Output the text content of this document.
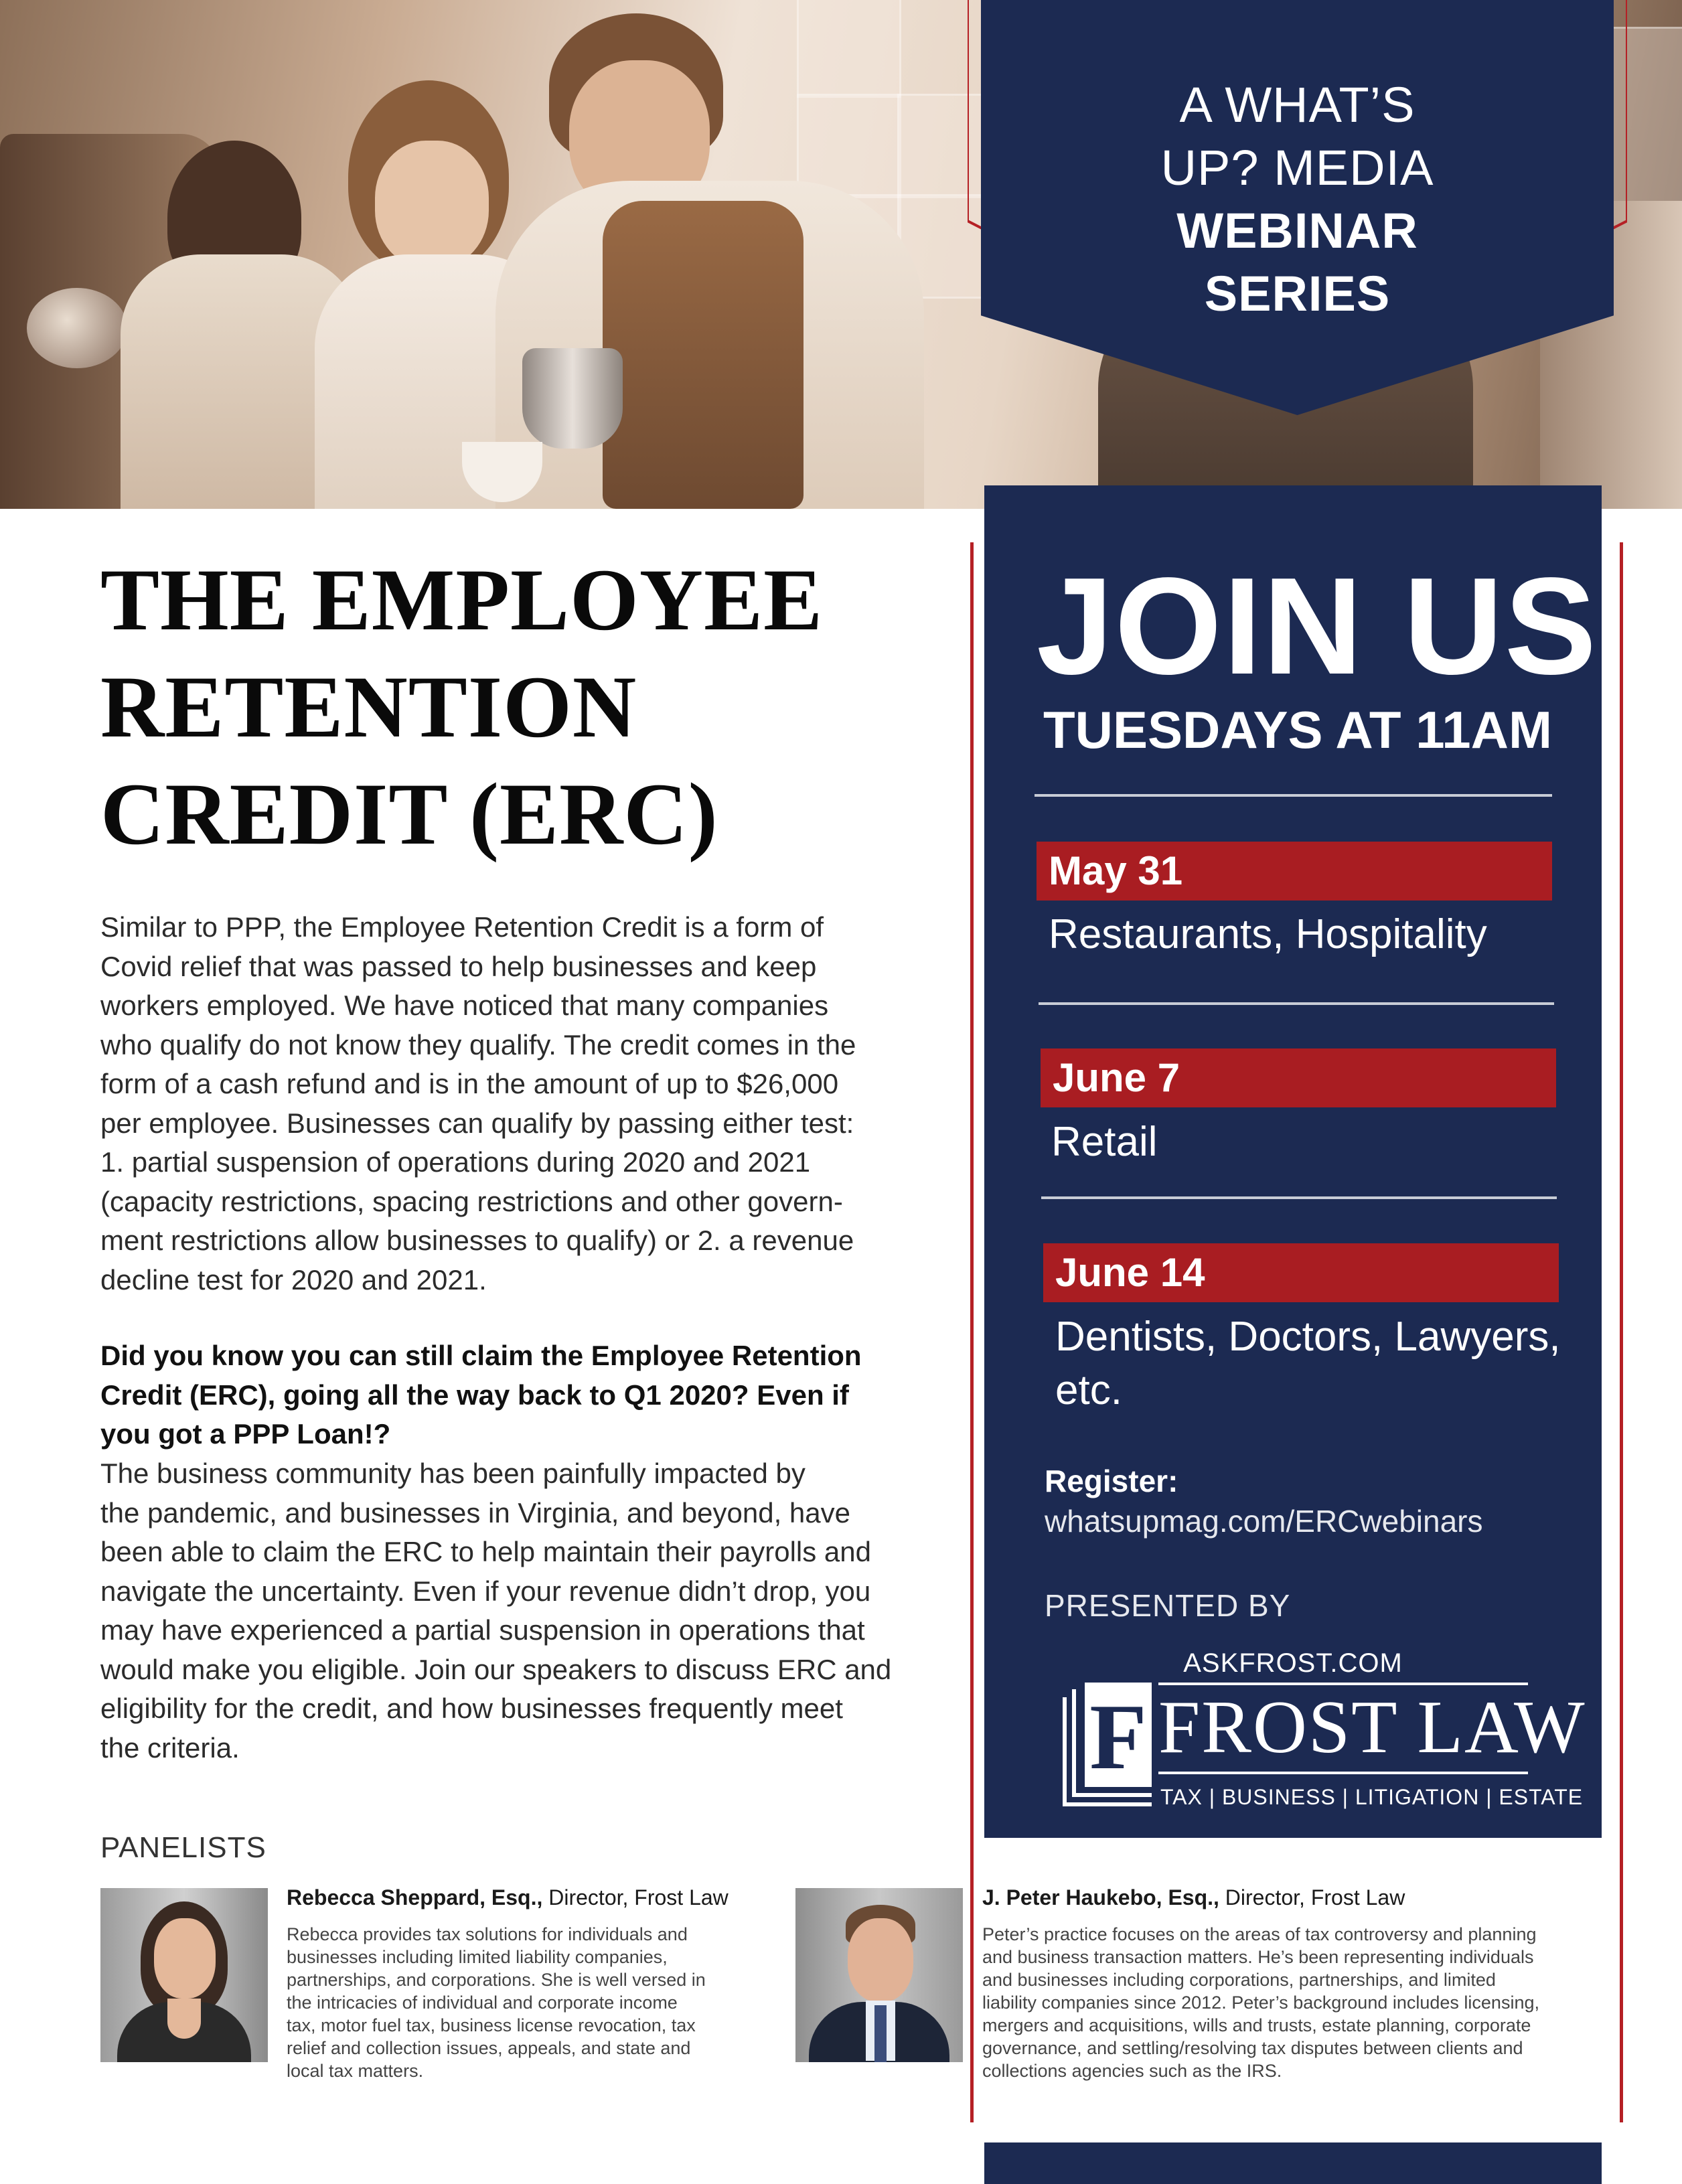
A WHAT’S
UP? MEDIA
WEBINAR
SERIES
JOIN US
TUESDAYS AT 11AM
May 31
Restaurants, Hospitality
June 7
Retail
June 14
Dentists, Doctors, Lawyers,
etc.
Register:
whatsupmag.com/ERCwebinars
PRESENTED BY
ASKFROST.COM
F FROST LAW
TAX | BUSINESS | LITIGATION | ESTATE
THE EMPLOYEE
RETENTION
CREDIT (ERC)
Similar to PPP, the Employee Retention Credit is a form of
Covid relief that was passed to help businesses and keep
workers employed. We have noticed that many companies
who qualify do not know they qualify. The credit comes in the
form of a cash refund and is in the amount of up to $26,000
per employee. Businesses can qualify by passing either test:
1. partial suspension of operations during 2020 and 2021
(capacity restrictions, spacing restrictions and other govern-
ment restrictions allow businesses to qualify) or 2. a revenue
decline test for 2020 and 2021.
Did you know you can still claim the Employee Retention
Credit (ERC), going all the way back to Q1 2020? Even if
you got a PPP Loan!?
The business community has been painfully impacted by
the pandemic, and businesses in Virginia, and beyond, have
been able to claim the ERC to help maintain their payrolls and
navigate the uncertainty. Even if your revenue didn’t drop, you
may have experienced a partial suspension in operations that
would make you eligible. Join our speakers to discuss ERC and
eligibility for the credit, and how businesses frequently meet
the criteria.
PANELISTS
Rebecca Sheppard, Esq., Director, Frost Law
Rebecca provides tax solutions for individuals and
businesses including limited liability companies,
partnerships, and corporations. She is well versed in
the intricacies of individual and corporate income
tax, motor fuel tax, business license revocation, tax
relief and collection issues, appeals, and state and
local tax matters.
J. Peter Haukebo, Esq., Director, Frost Law
Peter’s practice focuses on the areas of tax controversy and planning
and business transaction matters. He’s been representing individuals
and businesses including corporations, partnerships, and limited
liability companies since 2012. Peter’s background includes licensing,
mergers and acquisitions, wills and trusts, estate planning, corporate
governance, and settling/resolving tax disputes between clients and
collections agencies such as the IRS.
